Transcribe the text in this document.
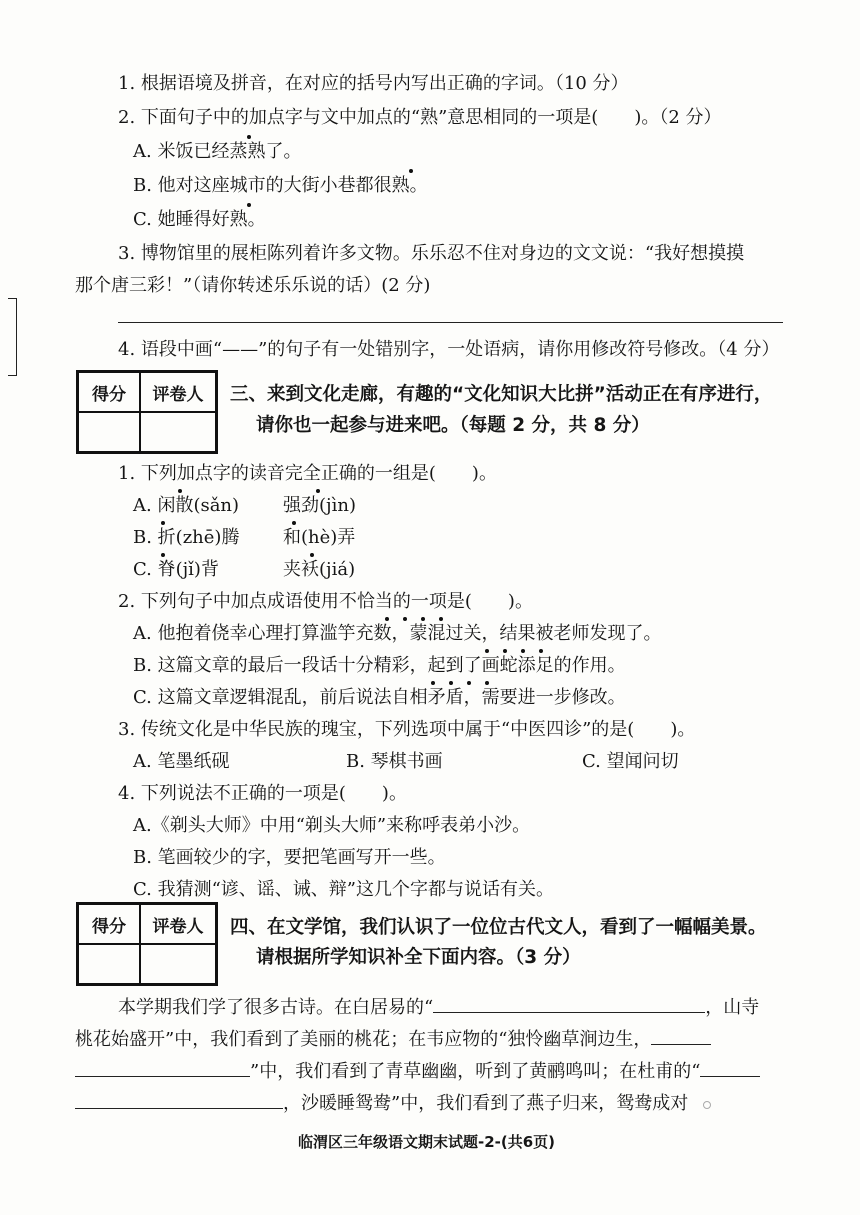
1. 根据语境及拼音，在对应的括号内写出正确的字词。（10 分）
2. 下面句子中的加点字与文中加点的“熟”意思相同的一项是(　　)。（2 分）
A. 米饭已经蒸熟了。
B. 他对这座城市的大街小巷都很熟。
C. 她睡得好熟。
3. 博物馆里的展柜陈列着许多文物。乐乐忍不住对身边的文文说：“我好想摸摸
那个唐三彩！”（请你转述乐乐说的话）(2 分)
4. 语段中画“——”的句子有一处错别字，一处语病，请你用修改符号修改。（4 分）
得分	评卷人	三、来到文化走廊，有趣的“文化知识大比拼”活动正在有序进行，
请你也一起参与进来吧。（每题 2 分，共 8 分）
1. 下列加点字的读音完全正确的一组是(　　)。
A. 闲散(sǎn) 强劲(jìn)
B. 折(zhē)腾 和(hè)弄
C. 脊(jǐ)背	夹袄(jiá)
2. 下列句子中加点成语使用不恰当的一项是(　　)。
A. 他抱着侥幸心理打算滥竽充数，蒙混过关，结果被老师发现了。
B. 这篇文章的最后一段话十分精彩，起到了画蛇添足的作用。
C. 这篇文章逻辑混乱，前后说法自相矛盾，需要进一步修改。
3. 传统文化是中华民族的瑰宝，下列选项中属于“中医四诊”的是(　　)。
A. 笔墨纸砚	B. 琴棋书画	C. 望闻问切
4. 下列说法不正确的一项是(　　)。
A.《剃头大师》中用“剃头大师”来称呼表弟小沙。
B. 笔画较少的字，要把笔画写开一些。
C. 我猜测“谚、谣、诫、辩”这几个字都与说话有关。
得分	评卷人	四、在文学馆，我们认识了一位位古代文人，看到了一幅幅美景。
请根据所学知识补全下面内容。（3 分）
本学期我们学了很多古诗。在白居易的“	，山寺
桃花始盛开”中，我们看到了美丽的桃花；在韦应物的“独怜幽草涧边生，
”中，我们看到了青草幽幽，听到了黄鹂鸣叫；在杜甫的“
，沙暖睡鸳鸯”中，我们看到了燕子归来，鸳鸯成对
临渭区三年级语文期末试题-2-(共6页)
